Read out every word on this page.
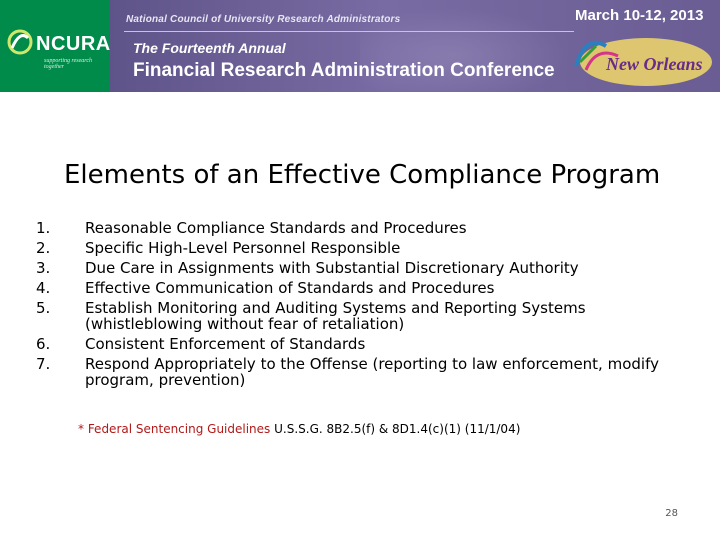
NCURA
supporting research together
National Council of University Research Administrators
The Fourteenth Annual
Financial Research Administration Conference
March 10-12, 2013
New Orleans
Elements of an Effective Compliance Program
1.	Reasonable Compliance Standards and Procedures
2.	Specific High-Level Personnel Responsible
3.	Due Care in Assignments with Substantial Discretionary Authority
4.	Effective Communication of Standards and Procedures
5.	Establish Monitoring and Auditing Systems and Reporting Systems (whistleblowing without fear of retaliation)
6.	Consistent Enforcement of Standards
7.	Respond Appropriately to the Offense (reporting to law enforcement, modify program, prevention)
* Federal Sentencing Guidelines U.S.S.G. 8B2.5(f) & 8D1.4(c)(1) (11/1/04)
28
